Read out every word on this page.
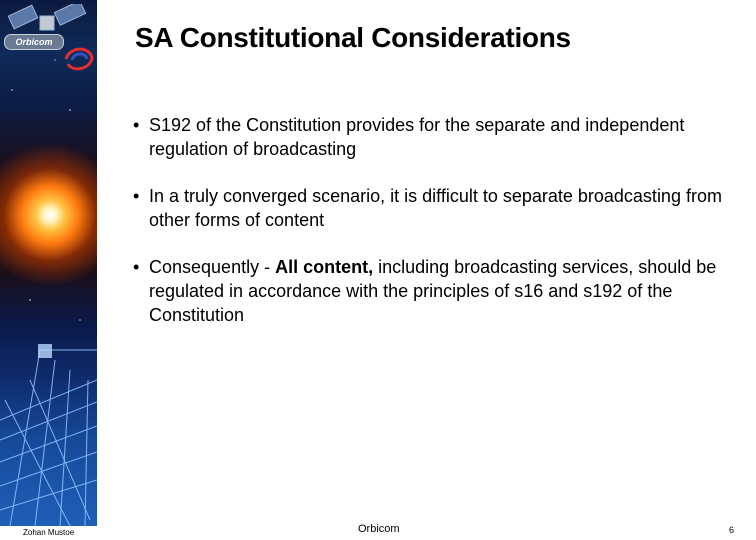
Orbicom	SA Constitutional Considerations
• S192 of the Constitution provides for the separate and independent regulation of broadcasting
• In a truly converged scenario, it is difficult to separate broadcasting from other forms of content
• Consequently - All content, including broadcasting services, should be regulated in accordance with the principles of s16 and s192 of the Constitution
Zohan Mustoe	Orbicom	6
